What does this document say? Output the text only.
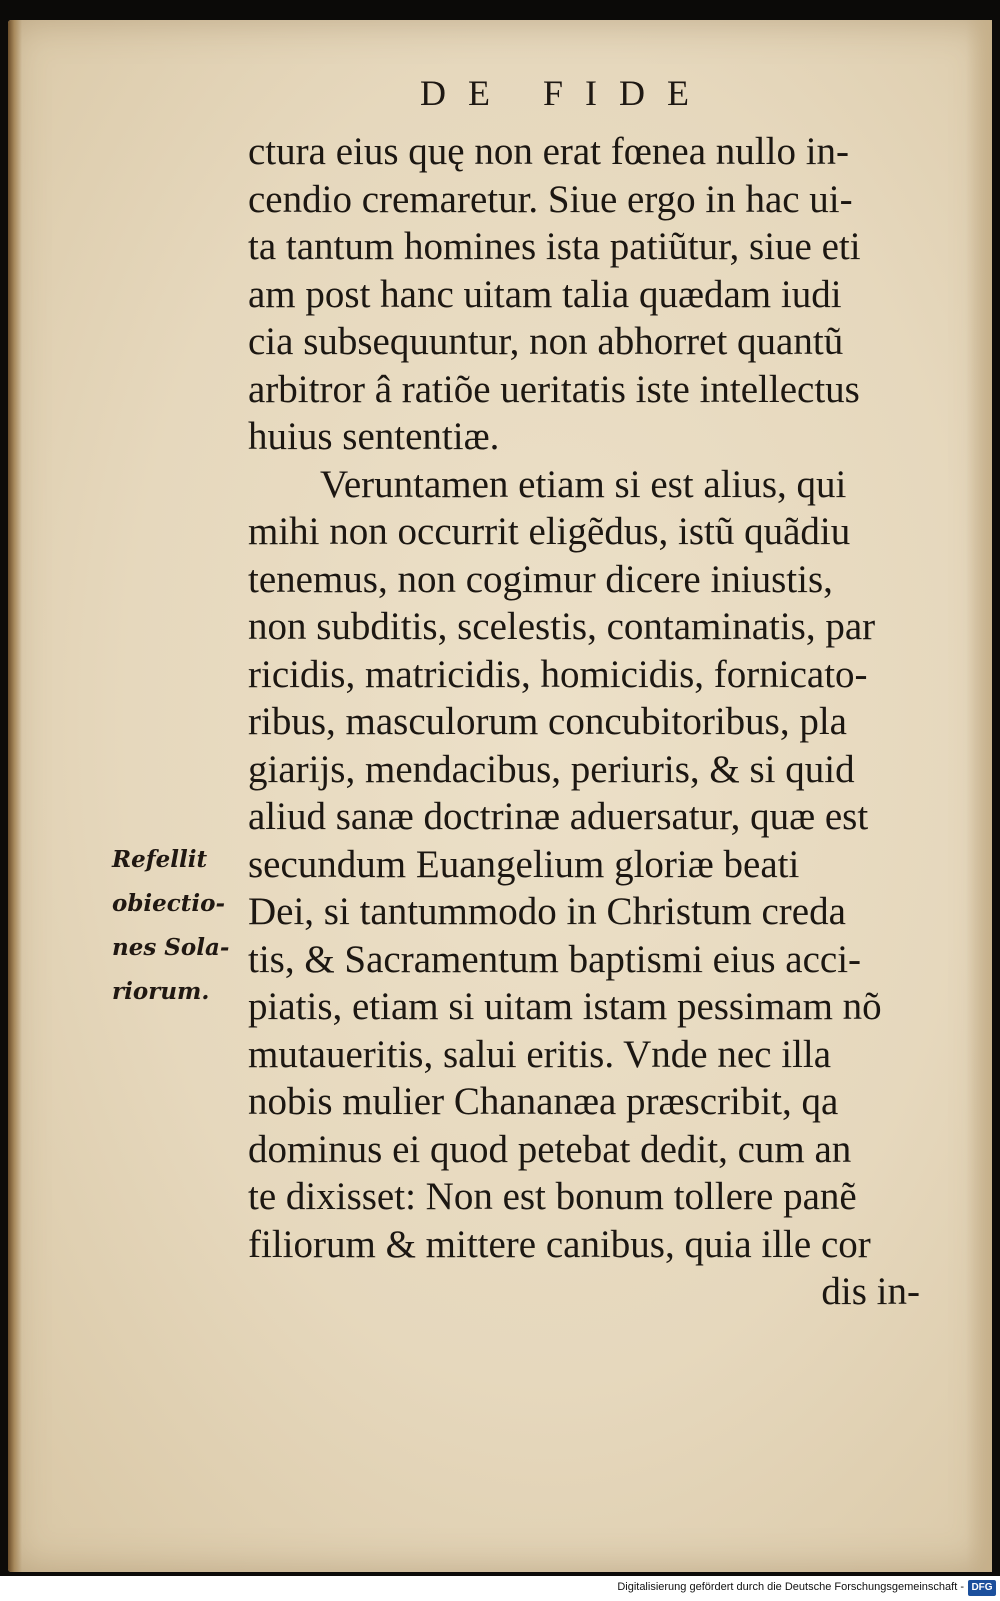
DE FIDE
ctura eius quę non erat fœnea nullo in-
cendio cremaretur. Siue ergo in hac ui-
ta tantum homines ista patiũtur, siue eti
am post hanc uitam talia quædam iudi
cia subsequuntur, non abhorret quantũ
arbitror â ratiõe ueritatis iste intellectus
huius sententiæ.
Veruntamen etiam si est alius, qui
mihi non occurrit eligẽdus, istũ quãdiu
tenemus, non cogimur dicere iniustis,
non subditis, scelestis, contaminatis, par
ricidis, matricidis, homicidis, fornicato-
ribus, masculorum concubitoribus, pla
giarijs, mendacibus, periuris, & si quid
aliud sanæ doctrinæ aduersatur, quæ est
secundum Euangelium gloriæ beati
Dei, si tantummodo in Christum creda
tis, & Sacramentum baptismi eius acci-
piatis, etiam si uitam istam pessimam nõ
mutaueritis, salui eritis. Vnde nec illa
nobis mulier Chananæa præscribit, qa
dominus ei quod petebat dedit, cum an
te dixisset: Non est bonum tollere panẽ
filiorum & mittere canibus, quia ille cor
dis in-
Refellit
obiectio-
nes Sola-
riorum.
Digitalisierung gefördert durch die Deutsche Forschungsgemeinschaft - DFG
